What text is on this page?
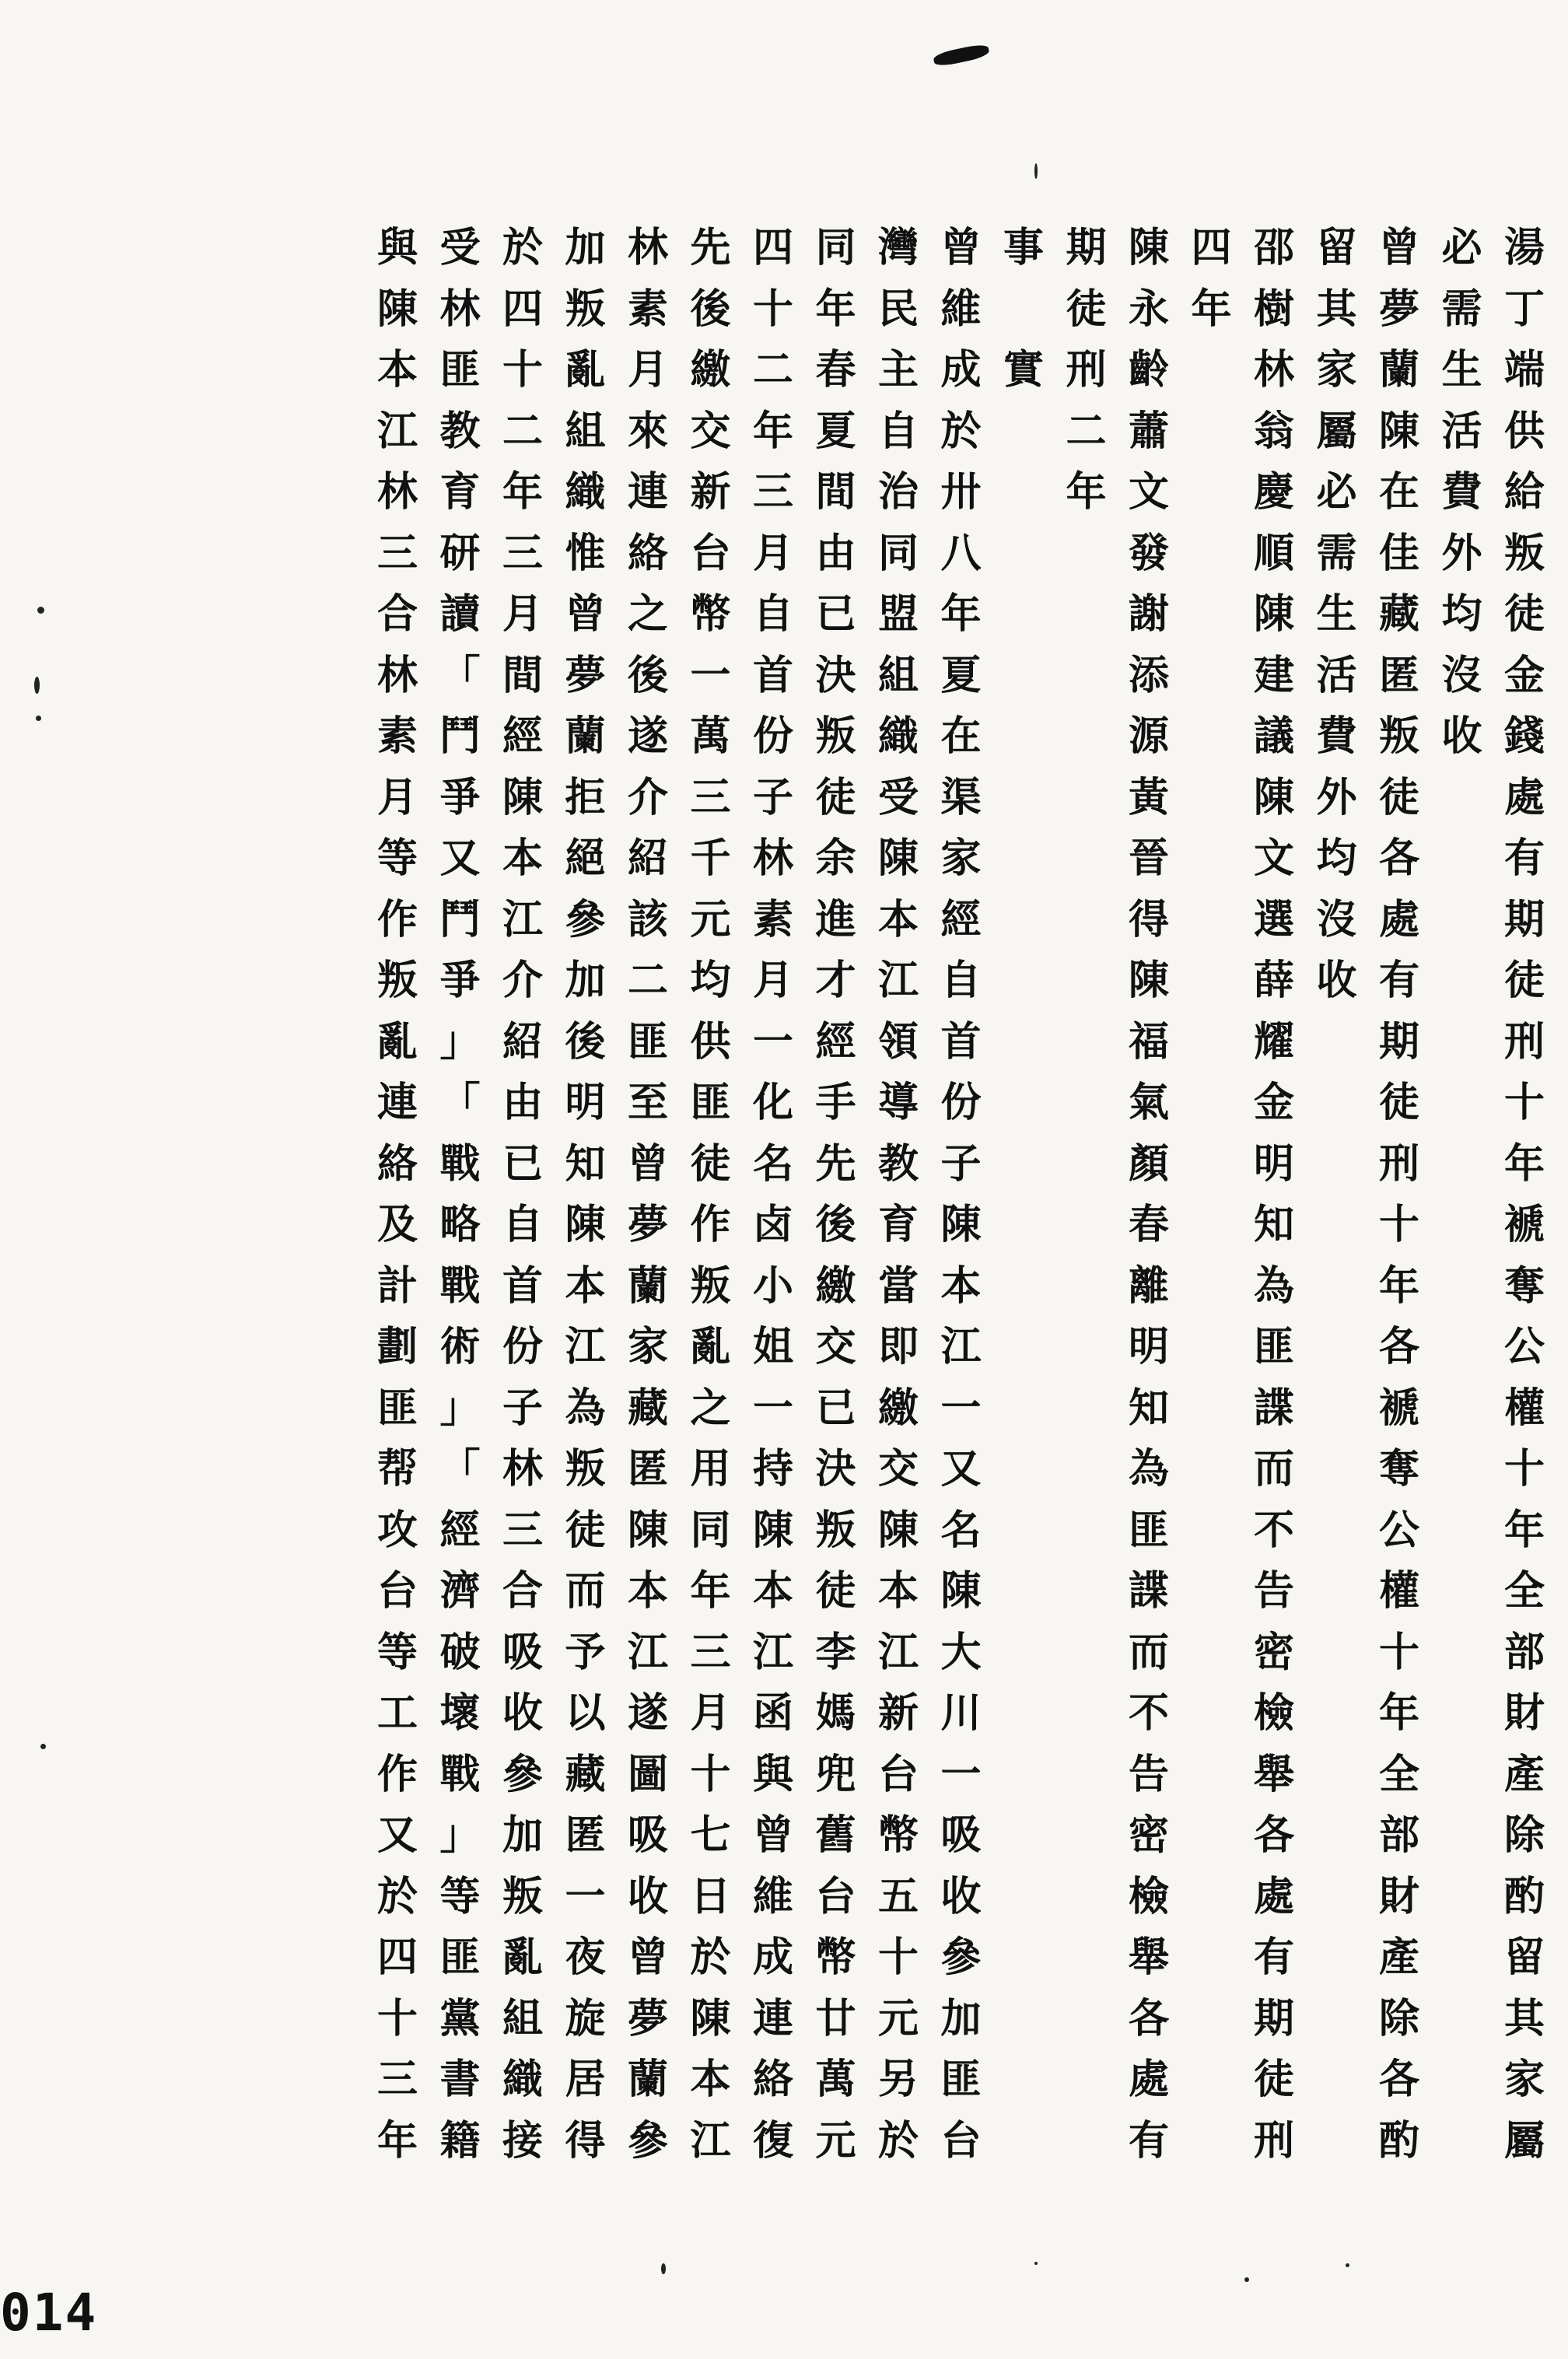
湯
丁
端
供
給
叛
徒
金
錢
處
有
期
徒
刑
十
年
褫
奪
公
權
十
年
全
部
財
產
除
酌
留
其
家
屬
必
需
生
活
費
外
均
沒
收
曾
夢
蘭
陳
在
佳
藏
匿
叛
徒
各
處
有
期
徒
刑
十
年
各
褫
奪
公
權
十
年
全
部
財
產
除
各
酌
留
其
家
屬
必
需
生
活
費
外
均
沒
收
邵
樹
林
翁
慶
順
陳
建
議
陳
文
選
薛
耀
金
明
知
為
匪
諜
而
不
告
密
檢
舉
各
處
有
期
徒
刑
四
年
陳
永
齡
蕭
文
發
謝
添
源
黃
晉
得
陳
福
氣
顏
春
離
明
知
為
匪
諜
而
不
告
密
檢
舉
各
處
有
期
徒
刑
二
年
事

實
曾
維
成
於
卅
八
年
夏
在
渠
家
經
自
首
份
子
陳
本
江
一
又
名
陳
大
川
一
吸
收
參
加
匪
台
灣
民
主
自
治
同
盟
組
織
受
陳
本
江
領
導
教
育
當
即
繳
交
陳
本
江
新
台
幣
五
十
元
另
於
同
年
春
夏
間
由
已
決
叛
徒
余
進
才
經
手
先
後
繳
交
已
決
叛
徒
李
媽
兜
舊
台
幣
廿
萬
元
四
十
二
年
三
月
自
首
份
子
林
素
月
一
化
名
卤
小
姐
一
持
陳
本
江
函
與
曾
維
成
連
絡
復
先
後
繳
交
新
台
幣
一
萬
三
千
元
均
供
匪
徒
作
叛
亂
之
用
同
年
三
月
十
七
日
於
陳
本
江
林
素
月
來
連
絡
之
後
遂
介
紹
該
二
匪
至
曾
夢
蘭
家
藏
匿
陳
本
江
遂
圖
吸
收
曾
夢
蘭
參
加
叛
亂
組
織
惟
曾
夢
蘭
拒
絕
參
加
後
明
知
陳
本
江
為
叛
徒
而
予
以
藏
匿
一
夜
旋
居
得
於
四
十
二
年
三
月
間
經
陳
本
江
介
紹
由
已
自
首
份
子
林
三
合
吸
收
參
加
叛
亂
組
織
接
受
林
匪
教
育
研
讀
「
鬥
爭
又
鬥
爭
」
「
戰
略
戰
術
」
「
經
濟
破
壞
戰
」
等
匪
黨
書
籍
與
陳
本
江
林
三
合
林
素
月
等
作
叛
亂
連
絡
及
計
劃
匪
帮
攻
台
等
工
作
又
於
四
十
三
年
014
